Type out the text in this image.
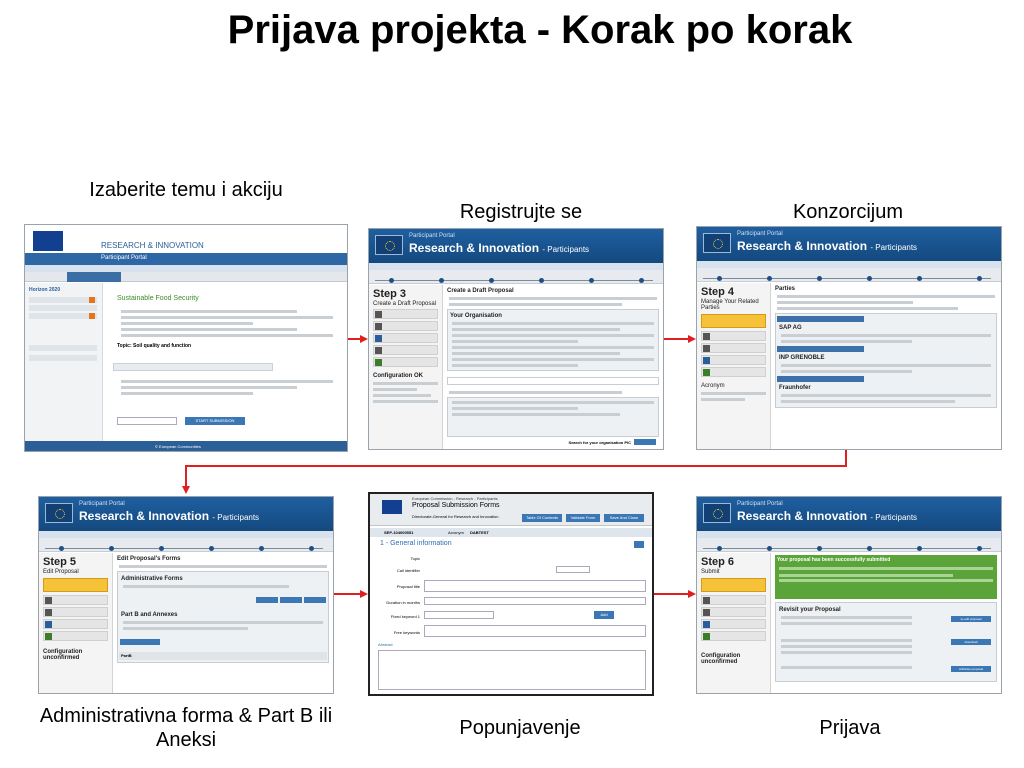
Prijava projekta - Korak po korak
Izaberite temu i akciju
Registrujte se	Konzorcijum
Administrativna forma & Part B ili Aneksi
Popunjavenje	Prijava
RESEARCH & INNOVATION
Participant Portal
Horizon 2020
Sustainable Food Security
Topic: Soil quality and function
START SUBMISSION
© European Communities
Participant Portal
Research & Innovation - Participants
Step 3
Create a Draft Proposal
Configuration OK
Create a Draft Proposal
Your Organisation
Search for your organisation PIC
Participant Portal
Research & Innovation - Participants
Step 4
Manage Your Related Parties
Acronym
Parties
SAP AG
INP GRENOBLE
Fraunhofer
Participant Portal
Research & Innovation - Participants
Step 5
Edit Proposal
Configuration unconfirmed
Edit Proposal's Forms
Administrative Forms
Part B and Annexes
PartB
European Commission - Research - Participants
Proposal Submission Forms
Directorate-General for Research and Innovation	Table Of Contents	Validate Form	Save And Close
SEP-104000551	Acronym DABTEST
1 - General information
Topic
Call identifier
Proposal title
Duration in months
Fixed keyword 1	Add
Free keywords
Abstract
Participant Portal
Research & Innovation - Participants
Step 6
Submit
Configuration unconfirmed
Your proposal has been successfully submitted
Revisit your Proposal
re-edit proposal
download
withdraw proposal
